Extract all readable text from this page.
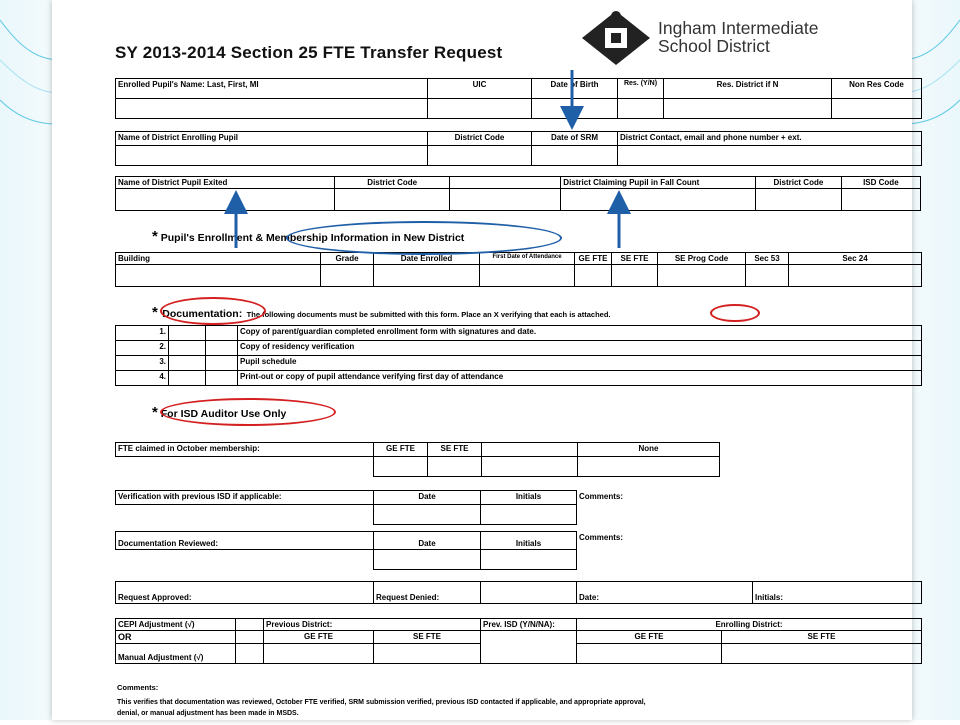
SY 2013-2014 Section 25 FTE Transfer Request
Ingham Intermediate
School District
Enrolled Pupil's Name: Last, First, MI	UIC	Date of Birth	Res. (Y/N)	Res. District if N	Non Res Code

Name of District Enrolling Pupil	District Code	Date of SRM	District Contact, email and phone number + ext.

Name of District Pupil Exited	District Code		District Claiming Pupil in Fall Count	District Code	ISD Code

* Pupil's Enrollment & Membership Information in New District
Building	Grade	Date Enrolled	First Date of Attendance	GE FTE	SE FTE	SE Prog Code	Sec 53	Sec 24

* Documentation: The following documents must be submitted with this form. Place an X verifying that each is attached.
1.			Copy of parent/guardian completed enrollment form with signatures and date.
2.			Copy of residency verification
3.			Pupil schedule
4.			Print-out or copy of pupil attendance verifying first day of attendance
* For ISD Auditor Use Only
FTE claimed in October membership:	GE FTE	SE FTE		None

Verification with previous ISD if applicable:	Date	Initials	Comments:

Documentation Reviewed:	Date	Initials	Comments:

Request Approved:	Request Denied:		Date:	Initials:
CEPI Adjustment (√)		Previous District:		Prev. ISD (Y/N/NA):	Enrolling District:	
OR		GE FTE	SE FTE		GE FTE	SE FTE
Manual Adjustment (√)						
Comments:
This verifies that documentation was reviewed, October FTE verified, SRM submission verified, previous ISD contacted if applicable, and appropriate approval,
denial, or manual adjustment has been made in MSDS.
